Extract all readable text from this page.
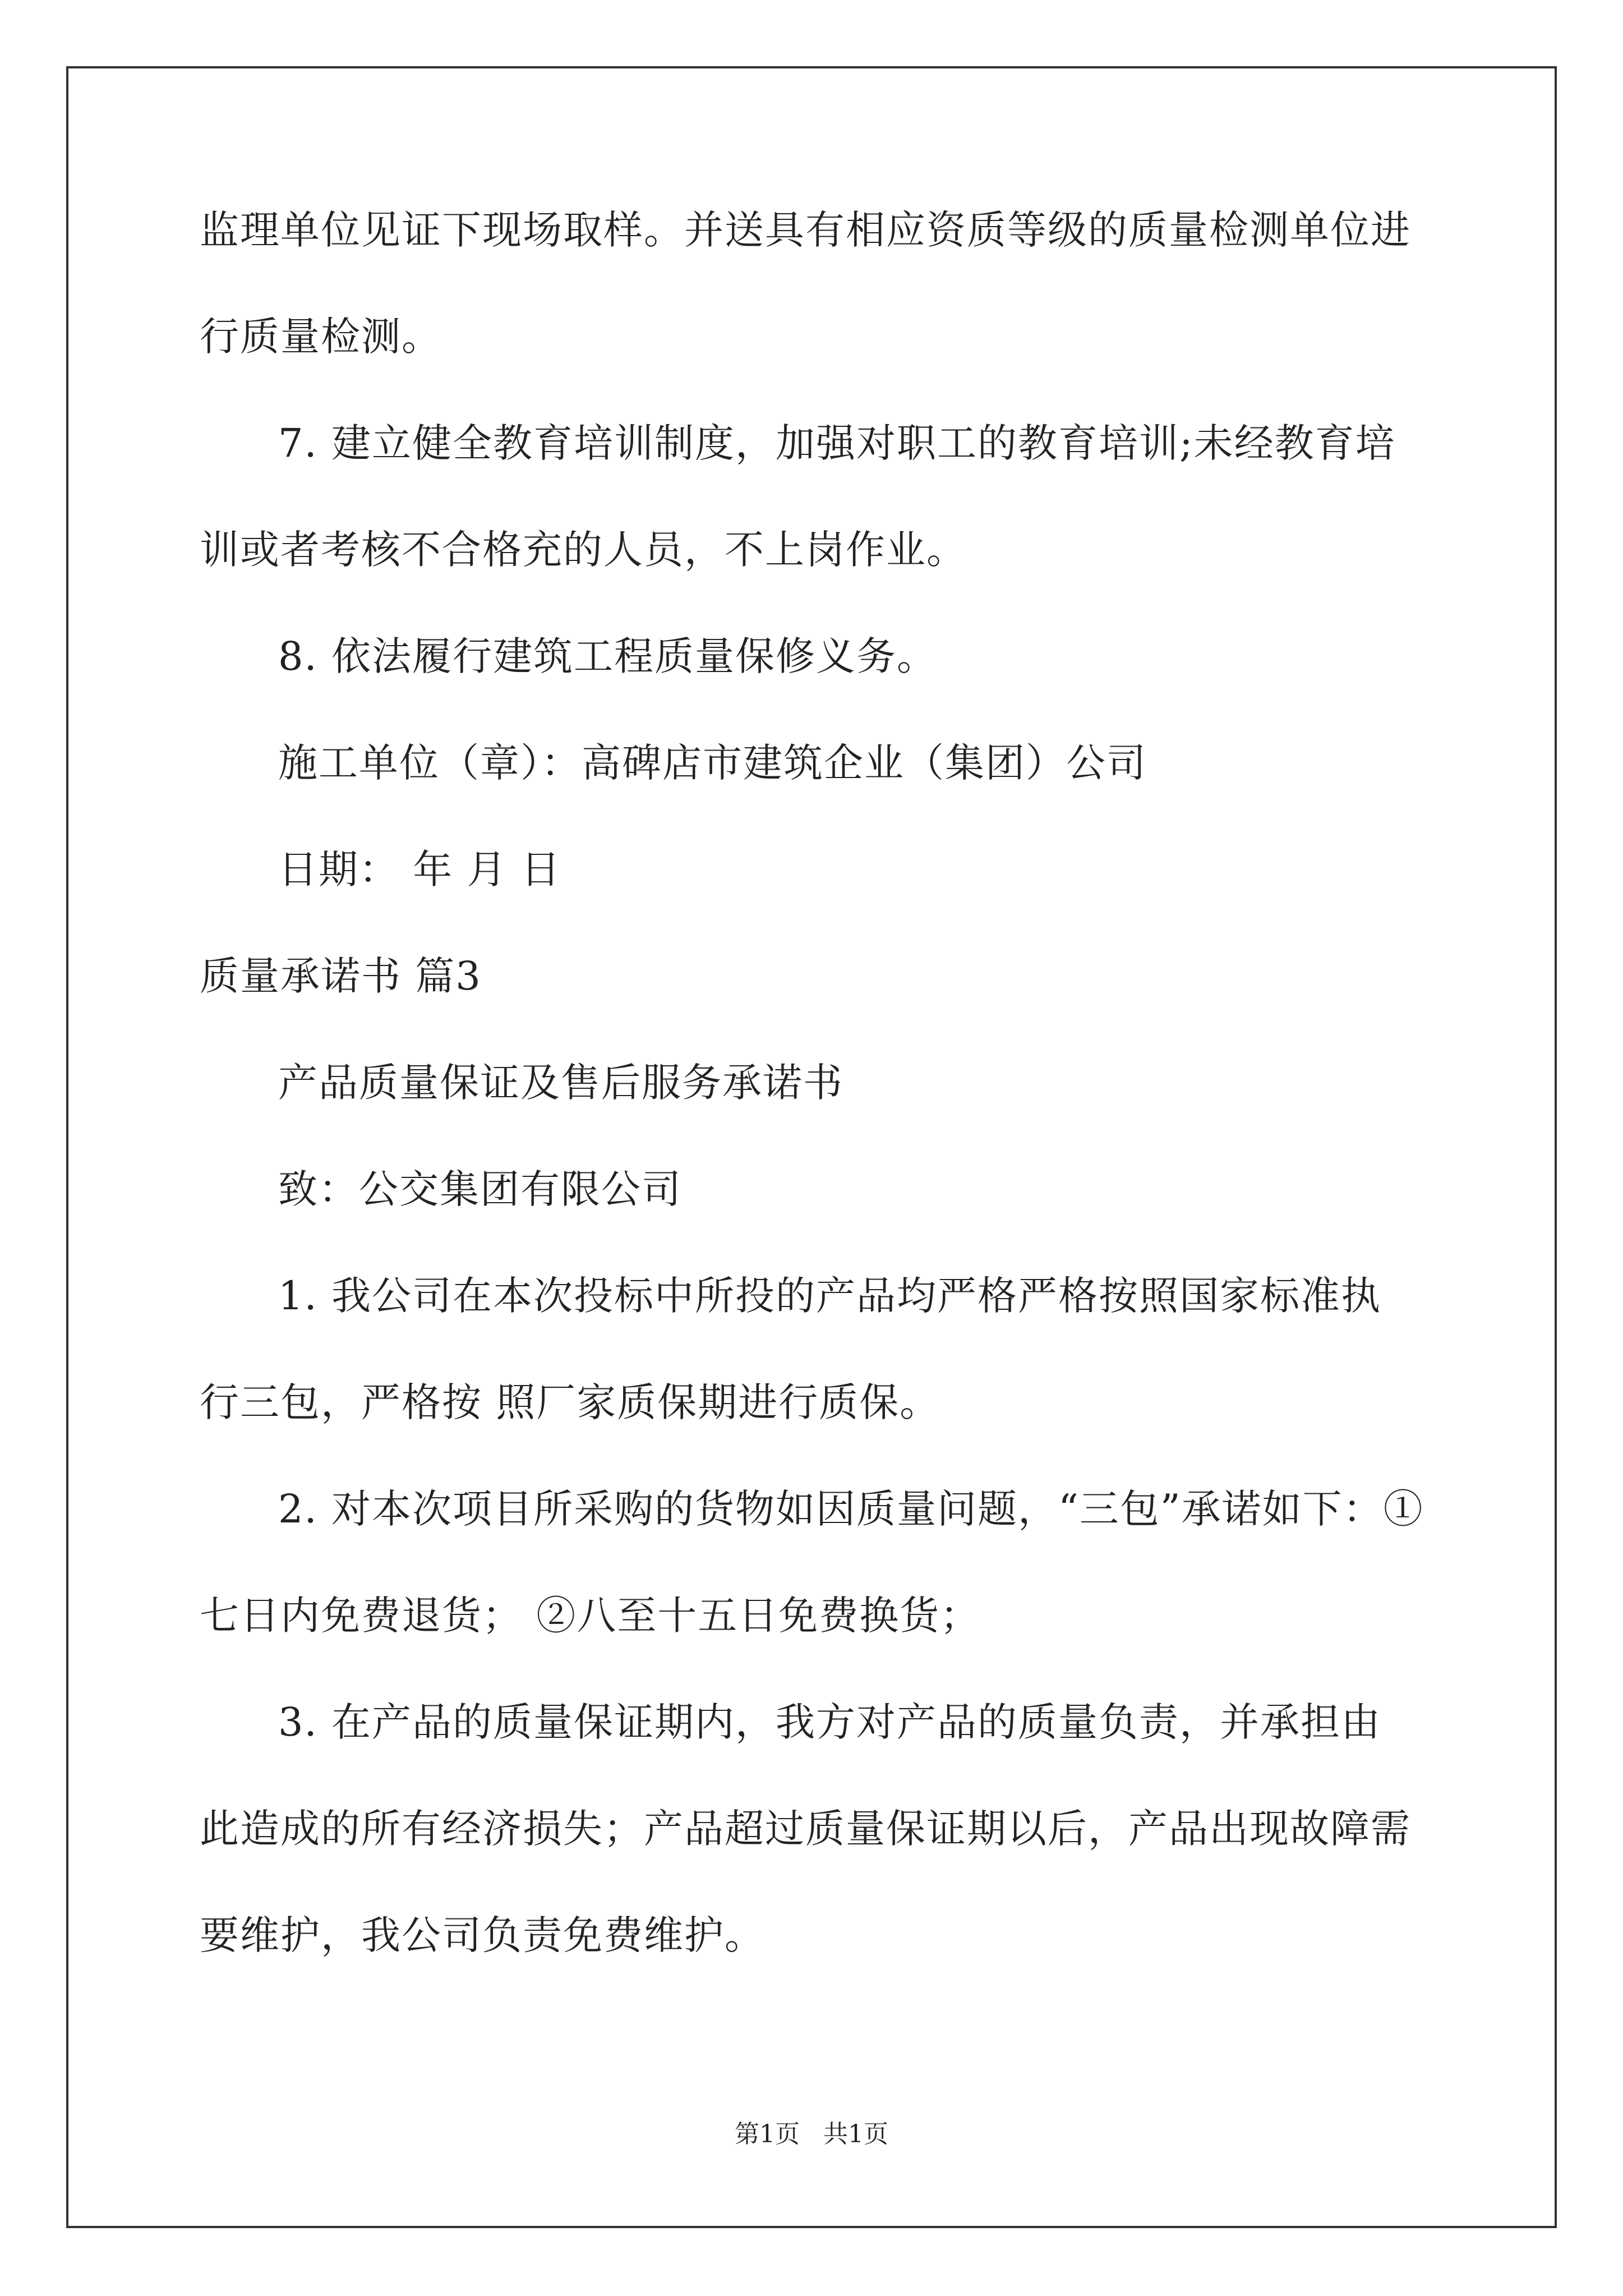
监理单位见证下现场取样。并送具有相应资质等级的质量检测单位进
行质量检测。
7. 建立健全教育培训制度，加强对职工的教育培训;未经教育培
训或者考核不合格充的人员，不上岗作业。
8. 依法履行建筑工程质量保修义务。
施工单位（章）：高碑店市建筑企业（集团）公司
日期： 年 月 日
质量承诺书 篇3
产品质量保证及售后服务承诺书
致：公交集团有限公司
1. 我公司在本次投标中所投的产品均严格严格按照国家标准执
行三包，严格按 照厂家质保期进行质保。
2. 对本次项目所采购的货物如因质量问题，“三包”承诺如下：①
七日内免费退货； ②八至十五日免费换货；
3. 在产品的质量保证期内，我方对产品的质量负责，并承担由
此造成的所有经济损失；产品超过质量保证期以后，产品出现故障需
要维护，我公司负责免费维护。
第1页 共1页
